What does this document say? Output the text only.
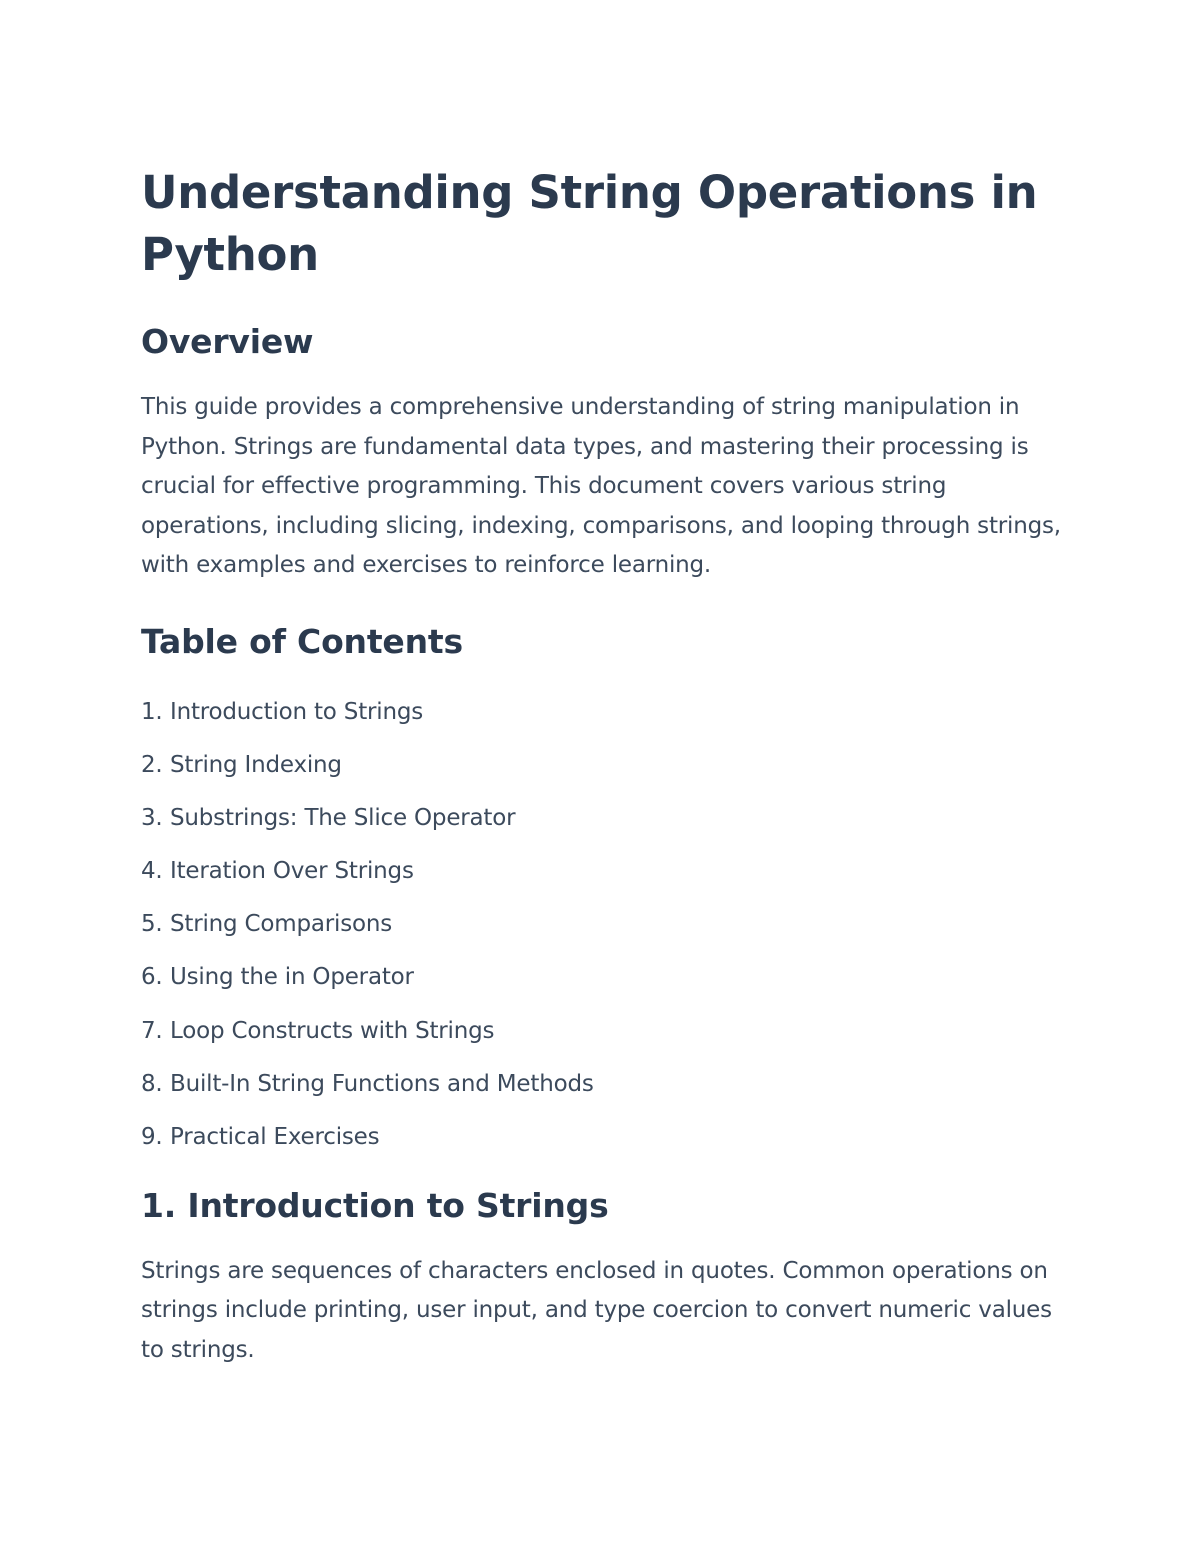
Understanding String Operations in Python
Overview

This guide provides a comprehensive understanding of string manipulation in Python. Strings are fundamental data types, and mastering their processing is crucial for effective programming. This document covers various string operations, including slicing, indexing, comparisons, and looping through strings, with examples and exercises to reinforce learning.

Table of Contents
1. Introduction to Strings
2. String Indexing
3. Substrings: The Slice Operator
4. Iteration Over Strings
5. String Comparisons
6. Using the in Operator
7. Loop Constructs with Strings
8. Built-In String Functions and Methods
9. Practical Exercises
1. Introduction to Strings

Strings are sequences of characters enclosed in quotes. Common operations on strings include printing, user input, and type coercion to convert numeric values to strings.
